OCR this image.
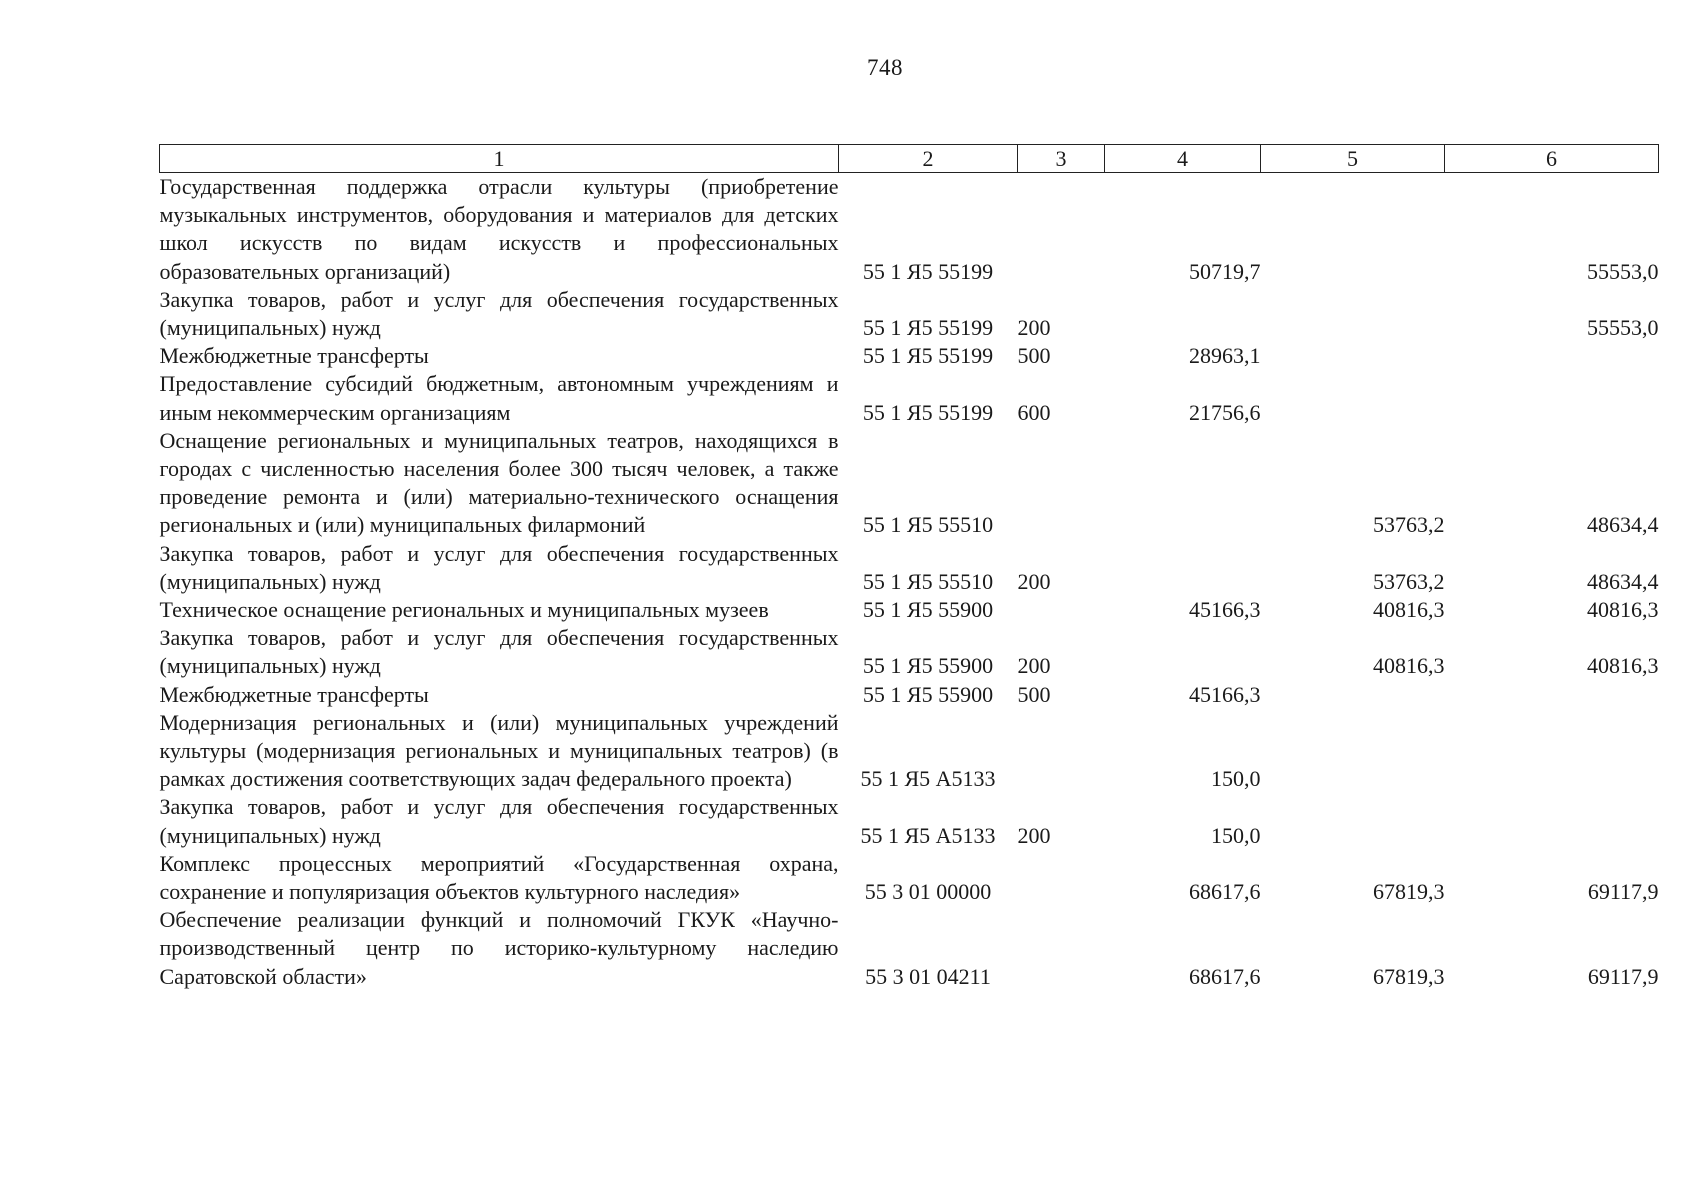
748
1	2	3	4	5	6
Государственная поддержка отрасли культуры (приобретение музыкальных инструментов, оборудования и материалов для детских школ искусств по видам искусств и профессиональных образовательных организаций)	55 1 Я5 55199		50719,7		55553,0
Закупка товаров, работ и услуг для обеспечения государственных (муниципальных) нужд	55 1 Я5 55199	200			55553,0
Межбюджетные трансферты	55 1 Я5 55199	500	28963,1		
Предоставление субсидий бюджетным, автономным учреждениям и иным некоммерческим организациям	55 1 Я5 55199	600	21756,6		
Оснащение региональных и муниципальных театров, находящихся в городах с численностью населения более 300 тысяч человек, а также проведение ремонта и (или) материально-технического оснащения региональных и (или) муниципальных филармоний	55 1 Я5 55510			53763,2	48634,4
Закупка товаров, работ и услуг для обеспечения государственных (муниципальных) нужд	55 1 Я5 55510	200		53763,2	48634,4
Техническое оснащение региональных и муниципальных музеев	55 1 Я5 55900		45166,3	40816,3	40816,3
Закупка товаров, работ и услуг для обеспечения государственных (муниципальных) нужд	55 1 Я5 55900	200		40816,3	40816,3
Межбюджетные трансферты	55 1 Я5 55900	500	45166,3		
Модернизация региональных и (или) муниципальных учреждений культуры (модернизация региональных и муниципальных театров) (в рамках достижения соответствующих задач федерального проекта)	55 1 Я5 А5133		150,0		
Закупка товаров, работ и услуг для обеспечения государственных (муниципальных) нужд	55 1 Я5 А5133	200	150,0		
Комплекс процессных мероприятий «Государственная охрана, сохранение и популяризация объектов культурного наследия»	55 3 01 00000		68617,6	67819,3	69117,9
Обеспечение реализации функций и полномочий ГКУК «Научно-производственный центр по историко-культурному наследию Саратовской области»	55 3 01 04211		68617,6	67819,3	69117,9
